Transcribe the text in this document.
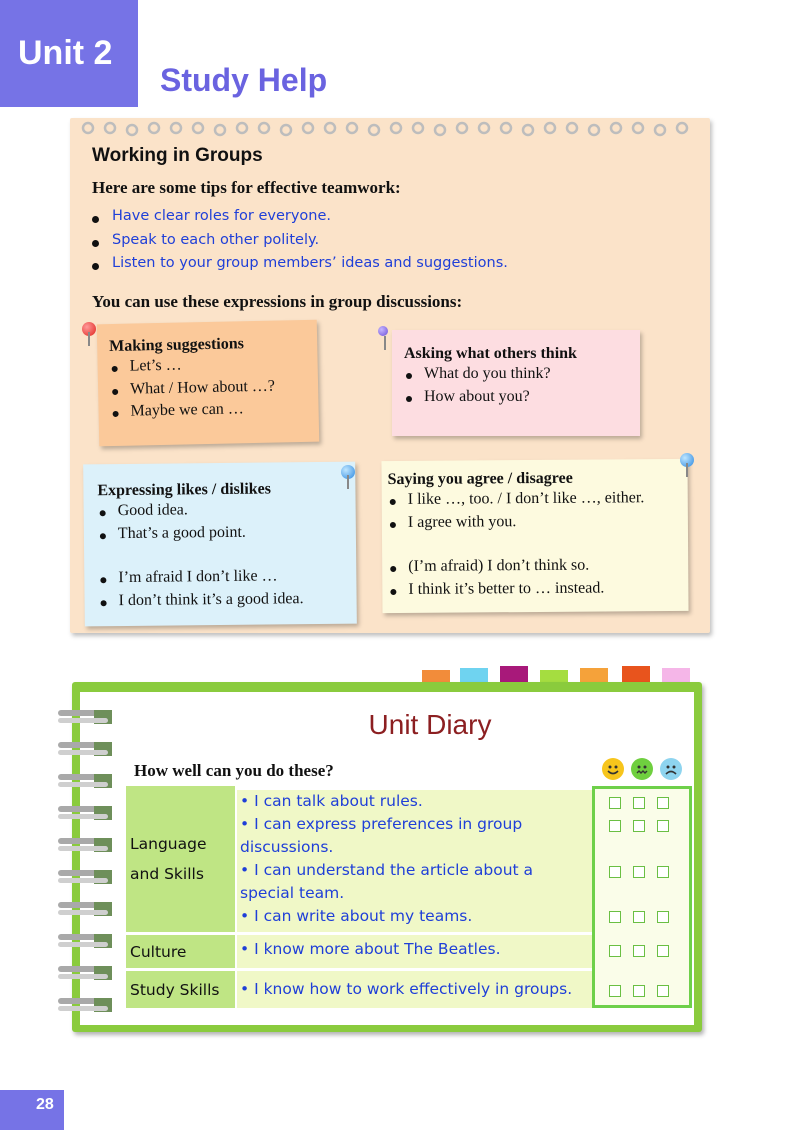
Unit 2
Study Help
Working in Groups
Here are some tips for effective teamwork:
Have clear roles for everyone.
Speak to each other politely.
Listen to your group members’ ideas and suggestions.
You can use these expressions in group discussions:
Making suggestions
Let’s …
What / How about …?
Maybe we can …
Asking what others think
What do you think?
How about you?
Expressing likes / dislikes
Good idea.
That’s a good point.
I’m afraid I don’t like …
I don’t think it’s a good idea.
Saying you agree / disagree
I like …, too. / I don’t like …, either.
I agree with you.
(I’m afraid) I don’t think so.
I think it’s better to … instead.
Unit Diary
How well can you do these?
Language
and Skills
• I can talk about rules.
• I can express preferences in group
discussions.
• I can understand the article about a
special team.
• I can write about my teams.
Culture	• I know more about The Beatles.
Study Skills • I know how to work effectively in groups.
28
